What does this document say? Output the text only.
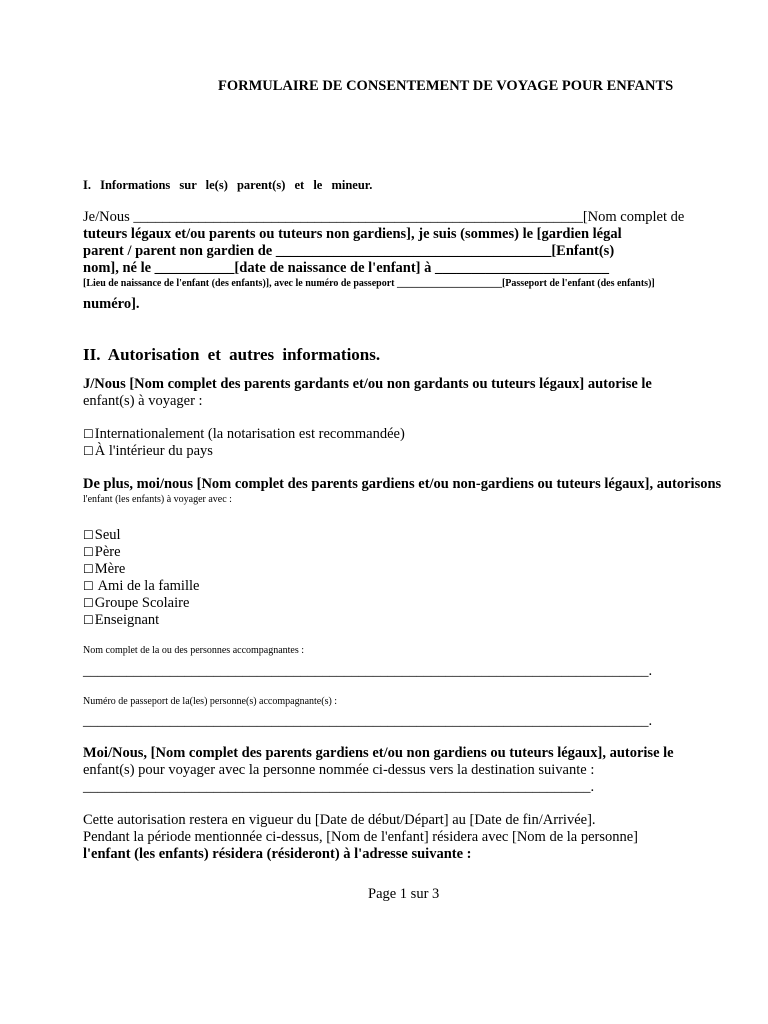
FORMULAIRE DE CONSENTEMENT DE VOYAGE POUR ENFANTS
I. Informations sur le(s) parent(s) et le mineur.
Je/Nous ______________________________________________________________[Nom complet de
tuteurs légaux et/ou parents ou tuteurs non gardiens], je suis (sommes) le [gardien légal
parent / parent non gardien de ______________________________________[Enfant(s)
nom], né le ___________[date de naissance de l'enfant] à ________________________
[Lieu de naissance de l'enfant (des enfants)], avec le numéro de passeport _____________________[Passeport de l'enfant (des enfants)]
numéro].
II. Autorisation et autres informations.
J/Nous [Nom complet des parents gardants et/ou non gardants ou tuteurs légaux] autorise le
enfant(s) à voyager :
☐Internationalement (la notarisation est recommandée)
☐À l'intérieur du pays
De plus, moi/nous [Nom complet des parents gardiens et/ou non-gardiens ou tuteurs légaux], autorisons
l'enfant (les enfants) à voyager avec :
☐Seul
☐Père
☐Mère
☐ Ami de la famille
☐Groupe Scolaire
☐Enseignant
Nom complet de la ou des personnes accompagnantes :
______________________________________________________________________________.
Numéro de passeport de la(les) personne(s) accompagnante(s) :
______________________________________________________________________________.
Moi/Nous, [Nom complet des parents gardiens et/ou non gardiens ou tuteurs légaux], autorise le
enfant(s) pour voyager avec la personne nommée ci-dessus vers la destination suivante :
______________________________________________________________________.
Cette autorisation restera en vigueur du [Date de début/Départ] au [Date de fin/Arrivée].
Pendant la période mentionnée ci-dessus, [Nom de l'enfant] résidera avec [Nom de la personne]
l'enfant (les enfants) résidera (résideront) à l'adresse suivante :
Page 1 sur 3
